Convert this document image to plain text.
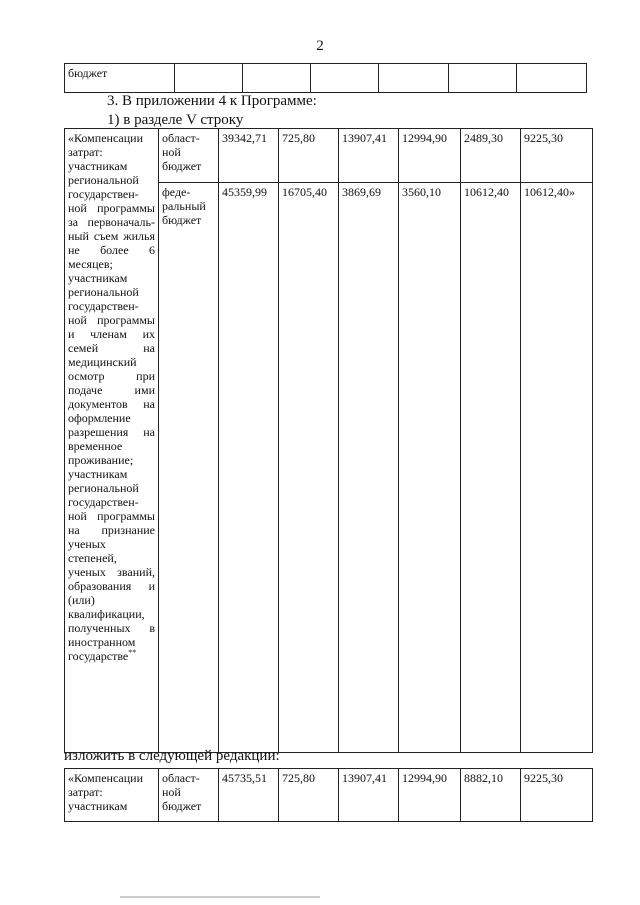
2
бюджет						
3. В приложении 4 к Программе:
1) в разделе V строку
«Компенсации затрат: участникам региональной государствен-ной программы за первоначаль-ный съем жилья не более 6 месяцев; участникам региональной государствен-ной программы и членам их семей на медицинский осмотр при подаче ими документов на оформление разрешения на временное проживание; участникам региональной государствен-ной программы на признание ученых степеней, ученых званий, образования и (или) квалификации, полученных в иностранном государстве**	област-ной бюджет	39342,71	725,80	13907,41	12994,90	2489,30	9225,30
	феде-ральный бюджет	45359,99	16705,40	3869,69	3560,10	10612,40	10612,40»
изложить в следующей редакции:
«Компенсации затрат: участникам	област-ной бюджет	45735,51	725,80	13907,41	12994,90	8882,10	9225,30
